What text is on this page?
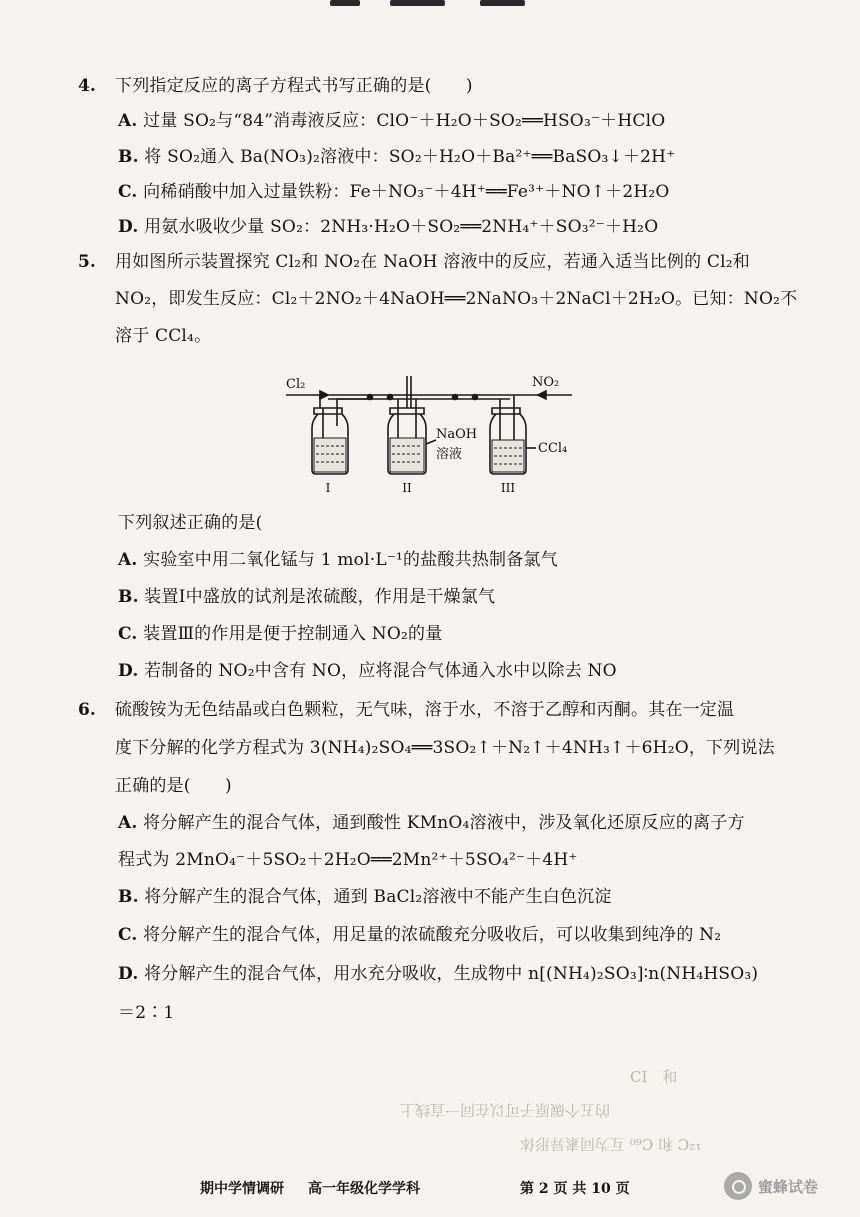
4. 下列指定反应的离子方程式书写正确的是(　　)
A. 过量 SO₂与“84”消毒液反应：ClO⁻＋H₂O＋SO₂══HSO₃⁻＋HClO
B. 将 SO₂通入 Ba(NO₃)₂溶液中：SO₂＋H₂O＋Ba²⁺══BaSO₃↓＋2H⁺
C. 向稀硝酸中加入过量铁粉：Fe＋NO₃⁻＋4H⁺══Fe³⁺＋NO↑＋2H₂O
D. 用氨水吸收少量 SO₂：2NH₃·H₂O＋SO₂══2NH₄⁺＋SO₃²⁻＋H₂O
5. 用如图所示装置探究 Cl₂和 NO₂在 NaOH 溶液中的反应，若通入适当比例的 Cl₂和
NO₂，即发生反应：Cl₂＋2NO₂＋4NaOH══2NaNO₃＋2NaCl＋2H₂O。已知：NO₂不
溶于 CCl₄。
Cl₂	NO₂
NaOH
溶液	CCl₄
I	II	III
下列叙述正确的是(
A. 实验室中用二氧化锰与 1 mol·L⁻¹的盐酸共热制备氯气
B. 装置Ⅰ中盛放的试剂是浓硫酸，作用是干燥氯气
C. 装置Ⅲ的作用是便于控制通入 NO₂的量
D. 若制备的 NO₂中含有 NO，应将混合气体通入水中以除去 NO
6. 硫酸铵为无色结晶或白色颗粒，无气味，溶于水，不溶于乙醇和丙酮。其在一定温
度下分解的化学方程式为 3(NH₄)₂SO₄══3SO₂↑＋N₂↑＋4NH₃↑＋6H₂O，下列说法
正确的是(　　)
A. 将分解产生的混合气体，通到酸性 KMnO₄溶液中，涉及氧化还原反应的离子方
程式为 2MnO₄⁻＋5SO₂＋2H₂O══2Mn²⁺＋5SO₄²⁻＋4H⁺
B. 将分解产生的混合气体，通到 BaCl₂溶液中不能产生白色沉淀
C. 将分解产生的混合气体，用足量的浓硫酸充分吸收后，可以收集到纯净的 N₂
D. 将分解产生的混合气体，用水充分吸收，生成物中 n[(NH₄)₂SO₃]∶n(NH₄HSO₃)
＝2∶1
CI　和
的五个碳原子可以在同一直线上
¹²C 和 C₆₀ 互为同素异形体
期中学情调研 高一年级化学学科	第 2 页 共 10 页	蜜蜂试卷
